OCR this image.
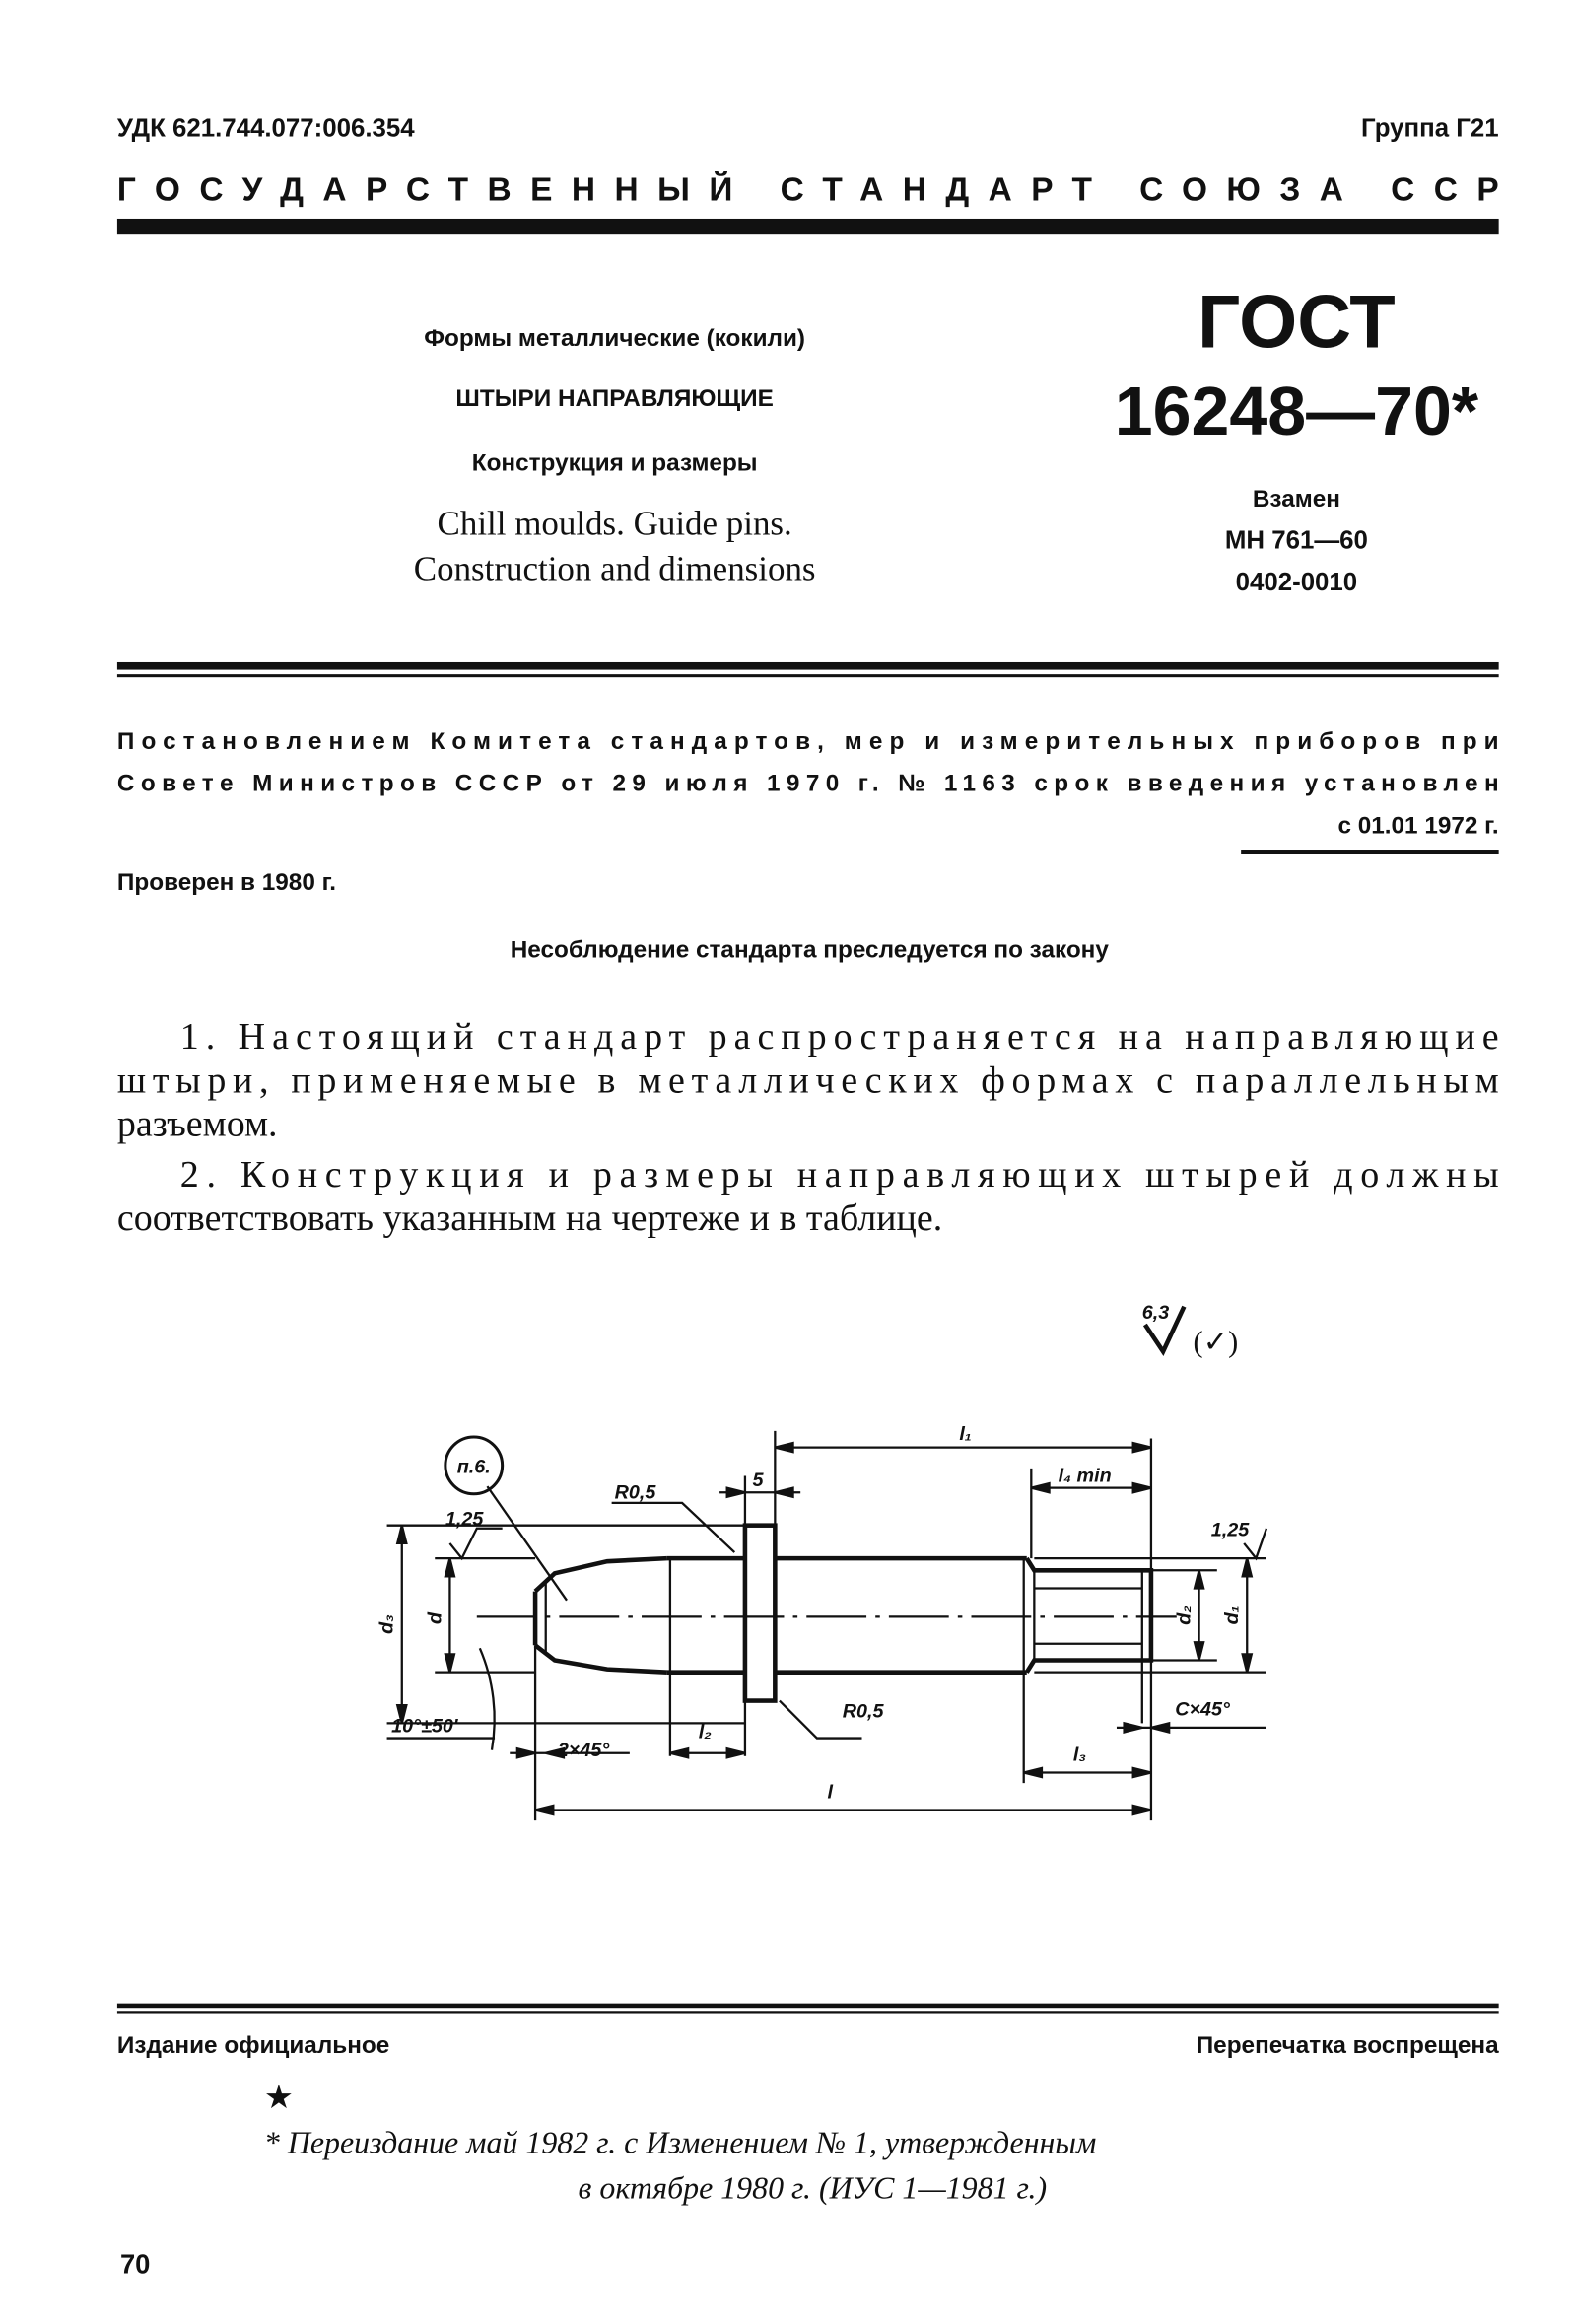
УДК 621.744.077:006.354	Группа Г21
ГОСУДАРСТВЕННЫЙ СТАНДАРТ СОЮЗА ССР
Формы металлические (кокили)
ШТЫРИ НАПРАВЛЯЮЩИЕ
Конструкция и размеры
Chill moulds. Guide pins.
Construction and dimensions
ГОСТ
16248—70*
Взамен
МН 761—60
0402-0010
Постановлением Комитета стандартов, мер и измерительных приборов при
Совете Министров СССР от 29 июля 1970 г. № 1163 срок введения установлен
с 01.01 1972 г.
Проверен в 1980 г.
Несоблюдение стандарта преследуется по закону
1. Настоящий стандарт распространяется на направляющие
штыри, применяемые в металлических формах с параллельным
разъемом.
2. Конструкция и размеры направляющих штырей должны
соответствовать указанным на чертеже и в таблице.
6,3
(✓)
п.6.
R0,5
5
l₁
l₄ min
1,25	1,25
d₃ d	d₂ d₁
R0,5
10°±50'
2×45°
l₂
C×45°
l₃
l
Издание официальное	Перепечатка воспрещена
★
* Переиздание май 1982 г. с Изменением № 1, утвержденным
в октябре 1980 г. (ИУС 1—1981 г.)
70
